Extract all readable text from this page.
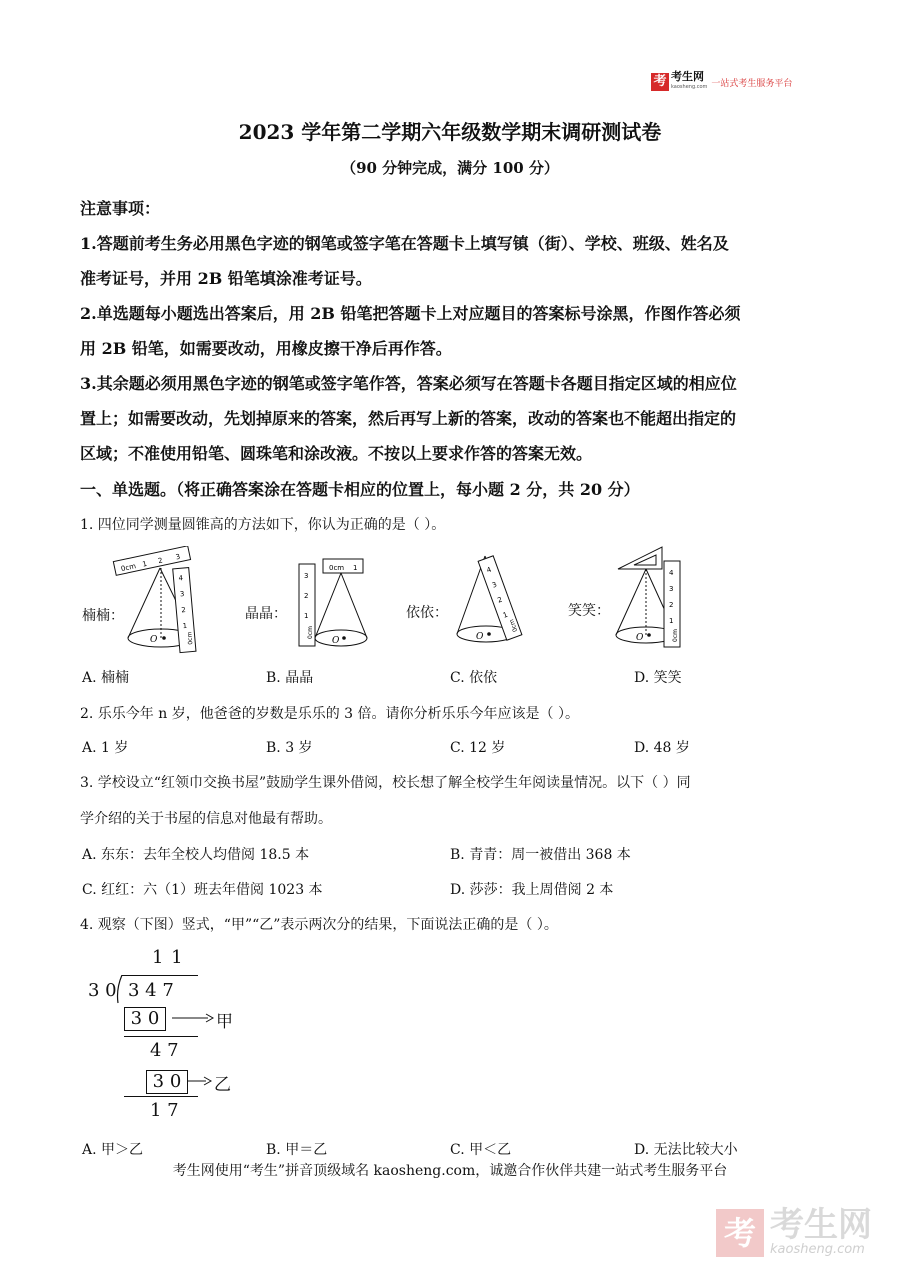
考 考生网
kaosheng.com 一站式考生服务平台
2023 学年第二学期六年级数学期末调研测试卷
（90 分钟完成，满分 100 分）
注意事项：
1.答题前考生务必用黑色字迹的钢笔或签字笔在答题卡上填写镇（街）、学校、班级、姓名及
准考证号，并用 2B 铅笔填涂准考证号。
2.单选题每小题选出答案后，用 2B 铅笔把答题卡上对应题目的答案标号涂黑，作图作答必须
用 2B 铅笔，如需要改动，用橡皮擦干净后再作答。
3.其余题必须用黑色字迹的钢笔或签字笔作答，答案必须写在答题卡各题目指定区域的相应位
置上；如需要改动，先划掉原来的答案，然后再写上新的答案，改动的答案也不能超出指定的
区域；不准使用铅笔、圆珠笔和涂改液。不按以上要求作答的答案无效。
一、单选题。（将正确答案涂在答题卡相应的位置上，每小题 2 分，共 20 分）
1. 四位同学测量圆锥高的方法如下，你认为正确的是（ ）。
楠楠：	晶晶：	依依：	笑笑：
0cm 1 2 3
O
4
3
2
1
0cm
0cm 1
3
2
1
0cm
O	O
4
3
2
1
0cm
O
4
3
2
1
0cm
A. 楠楠	B. 晶晶	C. 依依	D. 笑笑
2. 乐乐今年 n 岁，他爸爸的岁数是乐乐的 3 倍。请你分析乐乐今年应该是（ ）。
A. 1 岁	B. 3 岁	C. 12 岁	D. 48 岁
3. 学校设立“红领巾交换书屋”鼓励学生课外借阅，校长想了解全校学生年阅读量情况。以下（ ）同
学介绍的关于书屋的信息对他最有帮助。
A. 东东：去年全校人均借阅 18.5 本	B. 青青：周一被借出 368 本
C. 红红：六（1）班去年借阅 1023 本	D. 莎莎：我上周借阅 2 本
4. 观察（下图）竖式，“甲”“乙”表示两次分的结果，下面说法正确的是（ ）。
1 1
3 0 3 4 7
3 0	甲
4 7
3 0	乙
1 7
A. 甲＞乙	B. 甲＝乙	C. 甲＜乙	D. 无法比较大小
考生网使用“考生”拼音顶级域名 kaosheng.com，诚邀合作伙伴共建一站式考生服务平台
考 考生网
kaosheng.com
